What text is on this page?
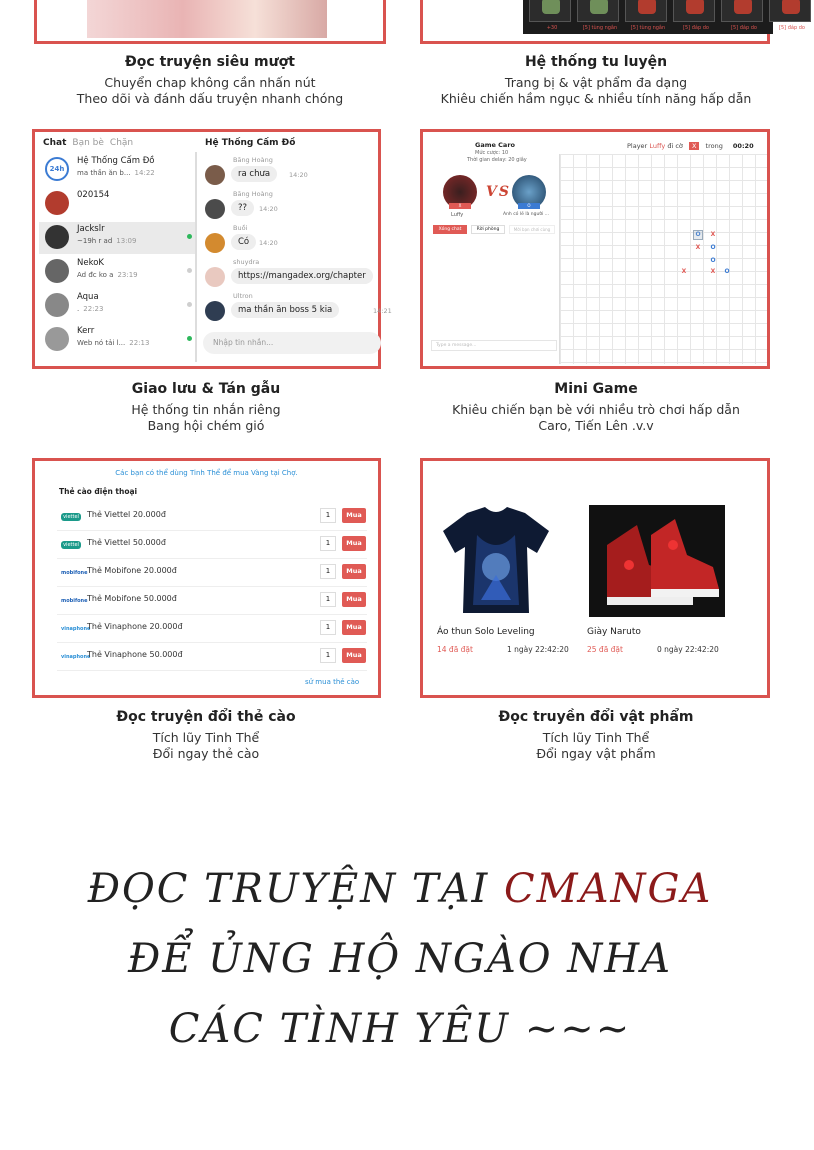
+30	[5] tùng ngân	[5] tùng ngân	[5] đáp do	[5] đáp do	[5] đáp do
Đọc truyện siêu mượt
Chuyển chap không cần nhấn nút
Theo dõi và đánh dấu truyện nhanh chóng
Hệ thống tu luyện
Trang bị & vật phẩm đa dạng
Khiêu chiến hầm ngục & nhiều tính năng hấp dẫn
Chat Bạn bè Chặn	Hệ Thống Cấm Đồ
24h
Hệ Thống Cấm Đồ
ma thần ăn b... 14:22
020154
Jackslr
~19h r ad 13:09
NekoK
Ad đc ko a 23:19
Aqua
. 22:23
Kerr
Web nó tải l... 22:13
Băng Hoàng
ra chưa	14:20
Băng Hoàng
??	14:20
Buồi
Có	14:20
shuydra
https://mangadex.org/chapter
Ultron
ma thần ăn boss 5 kia	14:21
Nhập tin nhắn...
Game Caro
Mức cược: 10
Thời gian delay: 20 giây
Player Luffy đi cờ X trong 00:20
X
Luffy
VS
O
Anh có lẽ là người ...
Xóng chat	Rời phòng	Mời bạn chơi cùng
Type a message...
O	X
X	O
O
X	X	O
Giao lưu & Tán gẫu
Hệ thống tin nhắn riêng
Bang hội chém gió
Mini Game
Khiêu chiến bạn bè với nhiều trò chơi hấp dẫn
Caro, Tiến Lên .v.v
Các bạn có thể dùng Tinh Thể để mua Vàng tại Chợ.
Thẻ cào điện thoại
viettel Thẻ Viettel 20.000đ	1	Mua
viettel Thẻ Viettel 50.000đ	1	Mua
mobifone Thẻ Mobifone 20.000đ	1	Mua
mobifone Thẻ Mobifone 50.000đ	1	Mua
vinaphone
Thẻ Vinaphone 20.000đ	1	Mua
vinaphone
Thẻ Vinaphone 50.000đ	1	Mua
sử mua thẻ cào
Áo thun Solo Leveling
14 đã đặt	1 ngày 22:42:20
Giày Naruto
25 đã đặt	0 ngày 22:42:20
Đọc truyện đổi thẻ cào
Tích lũy Tinh Thể
Đổi ngay thẻ cào
Đọc truyền đổi vật phẩm
Tích lũy Tinh Thể
Đổi ngay vật phẩm
ĐỌC TRUYỆN TẠI CMANGA
ĐỂ ỦNG HỘ NGÀO NHA
CÁC TÌNH YÊU ~~~
